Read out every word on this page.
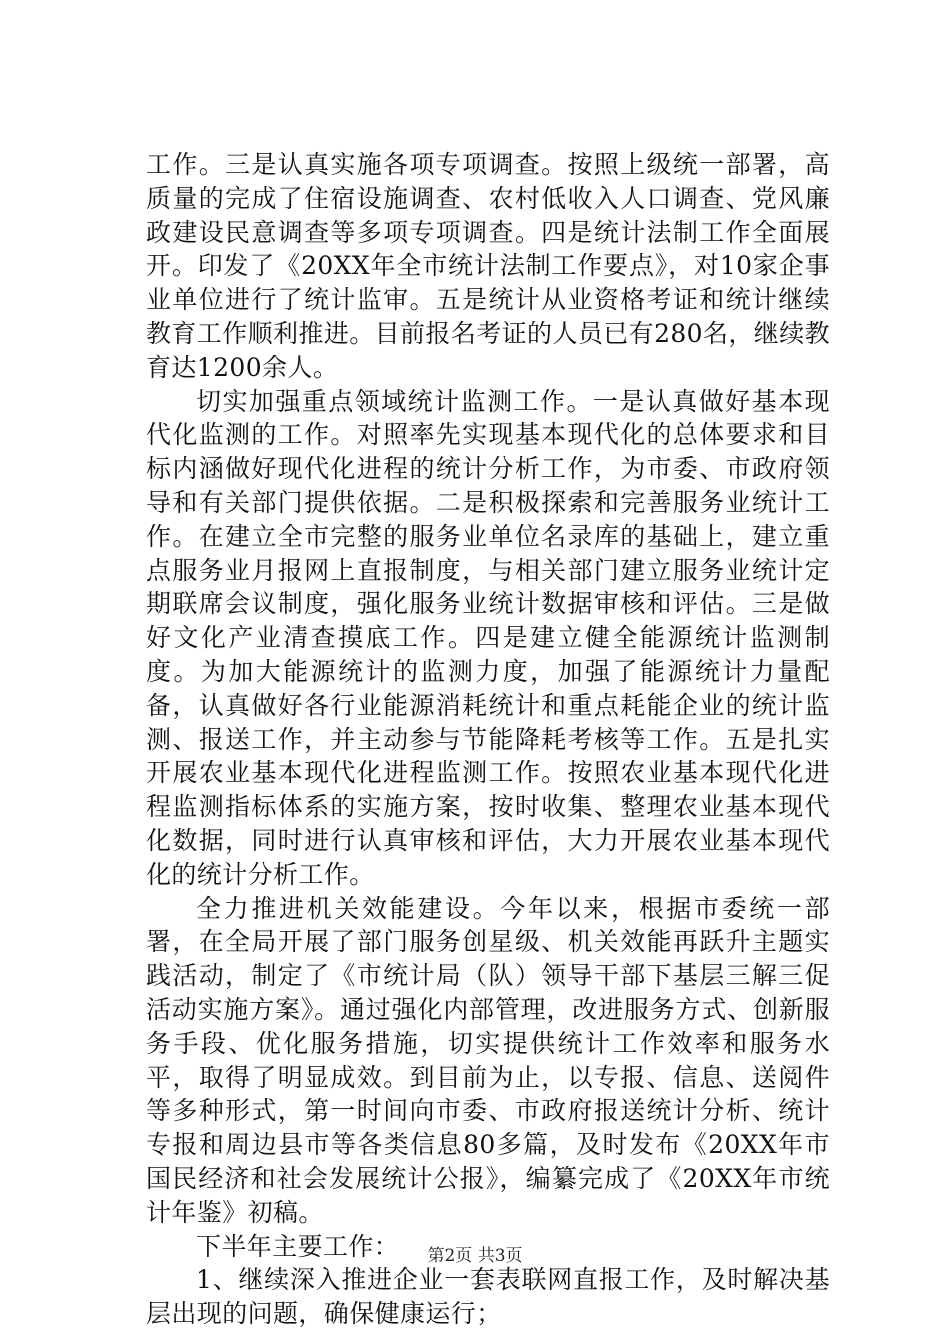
工作。三是认真实施各项专项调查。按照上级统一部署，高质量的完成了住宿设施调查、农村低收入人口调查、党风廉政建设民意调查等多项专项调查。四是统计法制工作全面展开。印发了《20XX年全市统计法制工作要点》，对10家企事业单位进行了统计监审。五是统计从业资格考证和统计继续教育工作顺利推进。目前报名考证的人员已有280名，继续教育达1200余人。

切实加强重点领域统计监测工作。一是认真做好基本现代化监测的工作。对照率先实现基本现代化的总体要求和目标内涵做好现代化进程的统计分析工作，为市委、市政府领导和有关部门提供依据。二是积极探索和完善服务业统计工作。在建立全市完整的服务业单位名录库的基础上，建立重点服务业月报网上直报制度，与相关部门建立服务业统计定期联席会议制度，强化服务业统计数据审核和评估。三是做好文化产业清查摸底工作。四是建立健全能源统计监测制度。为加大能源统计的监测力度，加强了能源统计力量配备，认真做好各行业能源消耗统计和重点耗能企业的统计监测、报送工作，并主动参与节能降耗考核等工作。五是扎实开展农业基本现代化进程监测工作。按照农业基本现代化进程监测指标体系的实施方案，按时收集、整理农业基本现代化数据，同时进行认真审核和评估，大力开展农业基本现代化的统计分析工作。

全力推进机关效能建设。今年以来，根据市委统一部署，在全局开展了部门服务创星级、机关效能再跃升主题实践活动，制定了《市统计局（队）领导干部下基层三解三促活动实施方案》。通过强化内部管理，改进服务方式、创新服务手段、优化服务措施，切实提供统计工作效率和服务水平，取得了明显成效。到目前为止，以专报、信息、送阅件等多种形式，第一时间向市委、市政府报送统计分析、统计专报和周边县市等各类信息80多篇，及时发布《20XX年市国民经济和社会发展统计公报》，编纂完成了《20XX年市统计年鉴》初稿。

下半年主要工作：

1、继续深入推进企业一套表联网直报工作，及时解决基层出现的问题，确保健康运行；

第2页 共3页
